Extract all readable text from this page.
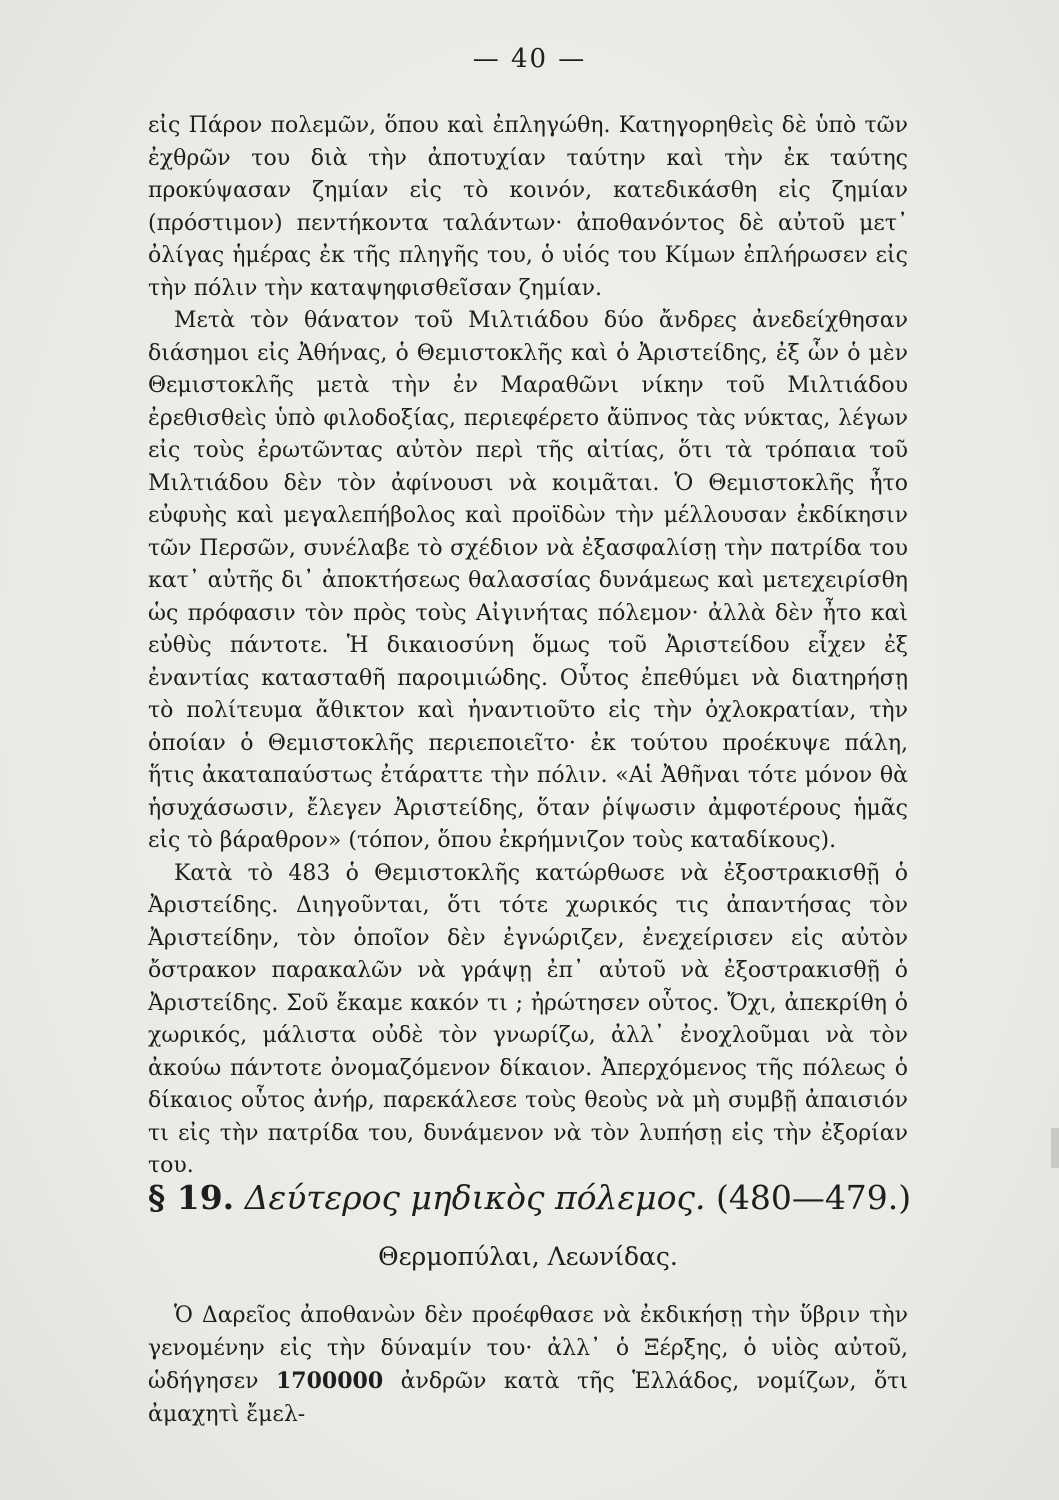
— 40 —

εἰς Πάρον πολεμῶν, ὅπου καὶ ἐπληγώθη. Κατηγορηθεὶς δὲ ὑπὸ τῶν ἐχθρῶν του διὰ τὴν ἀποτυχίαν ταύτην καὶ τὴν ἐκ ταύτης προκύψασαν ζημίαν εἰς τὸ κοινόν, κατεδικάσθη εἰς ζημίαν (πρόστιμον) πεντήκοντα ταλάντων· ἀποθανόντος δὲ αὐτοῦ μετ᾽ ὀλίγας ἡμέρας ἐκ τῆς πληγῆς του, ὁ υἱός του Κίμων ἐπλήρωσεν εἰς τὴν πόλιν τὴν καταψηφισθεῖσαν ζημίαν.

Μετὰ τὸν θάνατον τοῦ Μιλτιάδου δύο ἄνδρες ἀνεδείχθησαν διάσημοι εἰς Ἀθήνας, ὁ Θεμιστοκλῆς καὶ ὁ Ἀριστείδης, ἐξ ὧν ὁ μὲν Θεμιστοκλῆς μετὰ τὴν ἐν Μαραθῶνι νίκην τοῦ Μιλτιάδου ἐρεθισθεὶς ὑπὸ φιλοδοξίας, περιεφέρετο ἄϋπνος τὰς νύκτας, λέγων εἰς τοὺς ἐρωτῶντας αὐτὸν περὶ τῆς αἰτίας, ὅτι τὰ τρόπαια τοῦ Μιλτιάδου δὲν τὸν ἀφίνουσι νὰ κοιμᾶται. Ὁ Θεμιστοκλῆς ἦτο εὐφυὴς καὶ μεγαλεπήβολος καὶ προϊδὼν τὴν μέλλουσαν ἐκδίκησιν τῶν Περσῶν, συνέλαβε τὸ σχέδιον νὰ ἐξασφαλίσῃ τὴν πατρίδα του κατ᾽ αὐτῆς δι᾽ ἀποκτήσεως θαλασσίας δυνάμεως καὶ μετεχειρίσθη ὡς πρόφασιν τὸν πρὸς τοὺς Αἰγινήτας πόλεμον· ἀλλὰ δὲν ἦτο καὶ εὐθὺς πάντοτε. Ἡ δικαιοσύνη ὅμως τοῦ Ἀριστείδου εἶχεν ἐξ ἐναντίας κατασταθῆ παροιμιώδης. Οὗτος ἐπεθύμει νὰ διατηρήσῃ τὸ πολίτευμα ἄθικτον καὶ ἠναντιοῦτο εἰς τὴν ὀχλοκρατίαν, τὴν ὁποίαν ὁ Θεμιστοκλῆς περιεποιεῖτο· ἐκ τούτου προέκυψε πάλη, ἥτις ἀκαταπαύστως ἐτάραττε τὴν πόλιν. «Αἱ Ἀθῆναι τότε μόνον θὰ ἡσυχάσωσιν, ἔλεγεν Ἀριστείδης, ὅταν ῥίψωσιν ἀμφοτέρους ἡμᾶς εἰς τὸ βάραθρον» (τόπον, ὅπου ἐκρήμνιζον τοὺς καταδίκους).

Κατὰ τὸ 483 ὁ Θεμιστοκλῆς κατώρθωσε νὰ ἐξοστρακισθῇ ὁ Ἀριστείδης. Διηγοῦνται, ὅτι τότε χωρικός τις ἀπαντήσας τὸν Ἀριστείδην, τὸν ὁποῖον δὲν ἐγνώριζεν, ἐνεχείρισεν εἰς αὐτὸν ὄστρακον παρακαλῶν νὰ γράψῃ ἐπ᾽ αὐτοῦ νὰ ἐξοστρακισθῇ ὁ Ἀριστείδης. Σοῦ ἔκαμε κακόν τι ; ἠρώτησεν οὗτος. Ὄχι, ἀπεκρίθη ὁ χωρικός, μάλιστα οὐδὲ τὸν γνωρίζω, ἀλλ᾽ ἐνοχλοῦμαι νὰ τὸν ἀκούω πάντοτε ὀνομαζόμενον δίκαιον. Ἀπερχόμενος τῆς πόλεως ὁ δίκαιος οὗτος ἀνήρ, παρεκάλεσε τοὺς θεοὺς νὰ μὴ συμβῇ ἀπαισιόν τι εἰς τὴν πατρίδα του, δυνάμενον νὰ τὸν λυπήσῃ εἰς τὴν ἐξορίαν του.

§ 19. Δεύτερος μηδικὸς πόλεμος. (480—479.)
Θερμοπύλαι, Λεωνίδας.

Ὁ Δαρεῖος ἀποθανὼν δὲν προέφθασε νὰ ἐκδικήσῃ τὴν ὕβριν τὴν γενομένην εἰς τὴν δύναμίν του· ἀλλ᾽ ὁ Ξέρξης, ὁ υἱὸς αὐτοῦ, ὡδήγησεν 1700000 ἀνδρῶν κατὰ τῆς Ἑλλάδος, νομίζων, ὅτι ἀμαχητὶ ἔμελ-
